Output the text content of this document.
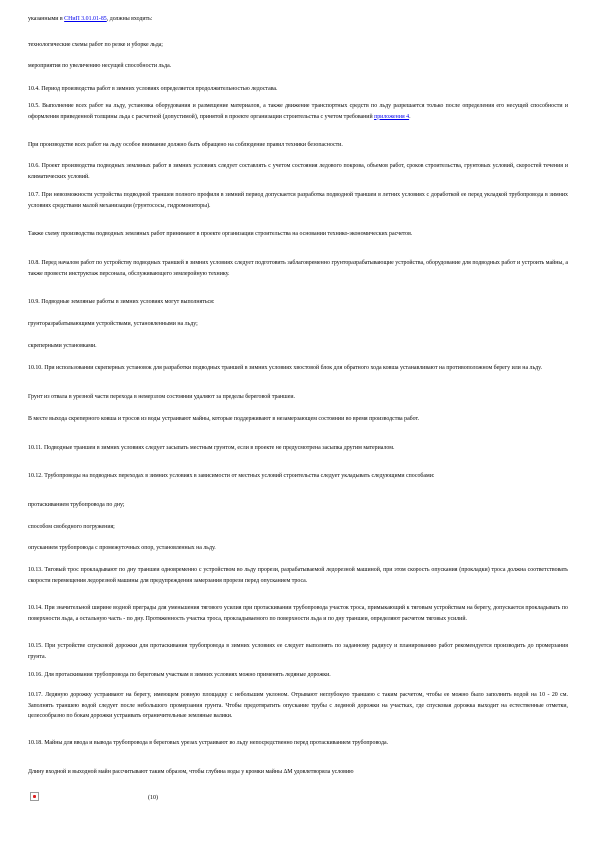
указанными в СНиП 3.01.01-85, должны входить:

технологические схемы работ по резке и уборке льда;

мероприятия по увеличению несущей способности льда.

10.4. Период производства работ в зимних условиях определяется продолжительностью ледостава.

10.5. Выполнение всех работ на льду, установка оборудования и размещение материалов, а также движение транспортных средств по льду разрешается только после определения его несущей способности и оформления приведенной толщины льда с расчетной (допустимой), принятой в проекте организации строительства с учетом требований приложения 4.

При производстве всех работ на льду особое внимание должно быть обращено на соблюдение правил техники безопасности.

10.6. Проект производства подводных земляных работ в зимних условиях следует составлять с учетом состояния ледового покрова, объемов работ, сроков строительства, грунтовых условий, скоростей течения и климатических условий.

10.7. При невозможности устройства подводной траншеи полного профиля в зимний период допускается разработка подводной траншеи в летних условиях с доработкой ее перед укладкой трубопровода в зимних условиях средствами малой механизации (грунтососы, гидромониторы).

Также схему производства подводных земляных работ принимают в проекте организации строительства на основании технико-экономических расчетов.

10.8. Перед началом работ по устройству подводных траншей в зимних условиях следует подготовить заблаговременно грунторазрабатывающие устройства, оборудование для подводных работ и устроить майны, а также провести инструктаж персонала, обслуживающего землеройную технику.

10.9. Подводные земляные работы в зимних условиях могут выполняться:

грунторазрабатывающими устройствами, установленными на льду;

скреперными установками.

10.10. При использовании скреперных установок для разработки подводных траншей в зимних условиях хвостовой блок для обратного хода ковша устанавливают на противоположном берегу или на льду.

Грунт из отвала в урезной части перехода в немерзлом состоянии удаляют за пределы береговой траншеи.

В месте выхода скреперного ковша и тросов из воды устраивают майны, которые поддерживают в незамерзающем состоянии во время производства работ.

10.11. Подводные траншеи в зимних условиях следует засыпать местным грунтом, если в проекте не предусмотрена засыпка другим материалом.

10.12. Трубопроводы на подводных переходах в зимних условиях в зависимости от местных условий строительства следует укладывать следующими способами:

протаскиванием трубопровода по дну;

способом свободного погружения;

опусканием трубопровода с промежуточных опор, установленных на льду.

10.13. Тяговый трос прокладывают по дну траншеи одновременно с устройством во льду прорези, разрабатываемой ледорезной машиной, при этом скорость опускания (прокладки) троса должна соответствовать скорости перемещения ледорезной машины для предупреждения замерзания прорези перед опусканием троса.

10.14. При значительной ширине водной преграды для уменьшения тягового усилия при протаскивании трубопровода участок троса, примыкающий к тяговым устройствам на берегу, допускается прокладывать по поверхности льда, а остальную часть - по дну. Протяженность участка троса, прокладываемого по поверхности льда и по дну траншеи, определяют расчетом тяговых усилий.

10.15. При устройстве спусковой дорожки для протаскивания трубопровода в зимних условиях ее следует выполнять по заданному радиусу и планированию работ рекомендуется производить до промерзания грунта.

10.16. Для протаскивания трубопровода по береговым участкам в зимних условиях можно применять ледяные дорожки.

10.17. Ледяную дорожку устраивают на берегу, имеющем ровную площадку с небольшим уклоном. Отрывают неглубокую траншею с таким расчетом, чтобы ее можно было заполнить водой на 10 - 20 см. Заполнять траншею водой следует после небольшого промерзания грунта. Чтобы предотвратить опускание трубы с ледяной дорожки на участках, где спусковая дорожка выходит на естественные отметки, целесообразно по бокам дорожки устраивать ограничительные земляные валики.

10.18. Майны для ввода и вывода трубопровода в береговых урезах устраивают во льду непосредственно перед протаскиванием трубопровода.

Длину входной и выходной майн рассчитывают таким образом, чтобы глубина воды у кромки майны ΔМ удовлетворяла условию

(10)
